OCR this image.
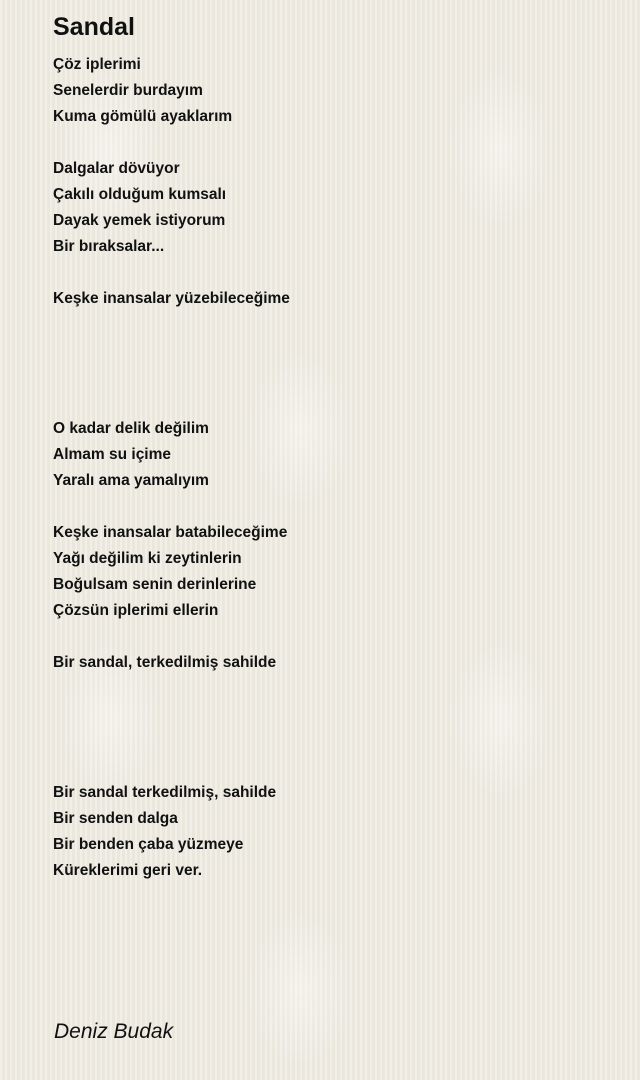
Sandal
Çöz iplerimi
Senelerdir burdayım
Kuma gömülü ayaklarım
Dalgalar dövüyor
Çakılı olduğum kumsalı
Dayak yemek istiyorum
Bir bıraksalar...
Keşke inansalar yüzebileceğime
O kadar delik değilim
Almam su içime
Yaralı ama yamalıyım
Keşke inansalar batabileceğime
Yağı değilim ki zeytinlerin
Boğulsam senin derinlerine
Çözsün iplerimi ellerin
Bir sandal, terkedilmiş sahilde
Bir sandal terkedilmiş, sahilde
Bir senden dalga
Bir benden çaba yüzmeye
Küreklerimi geri ver.
Deniz Budak
